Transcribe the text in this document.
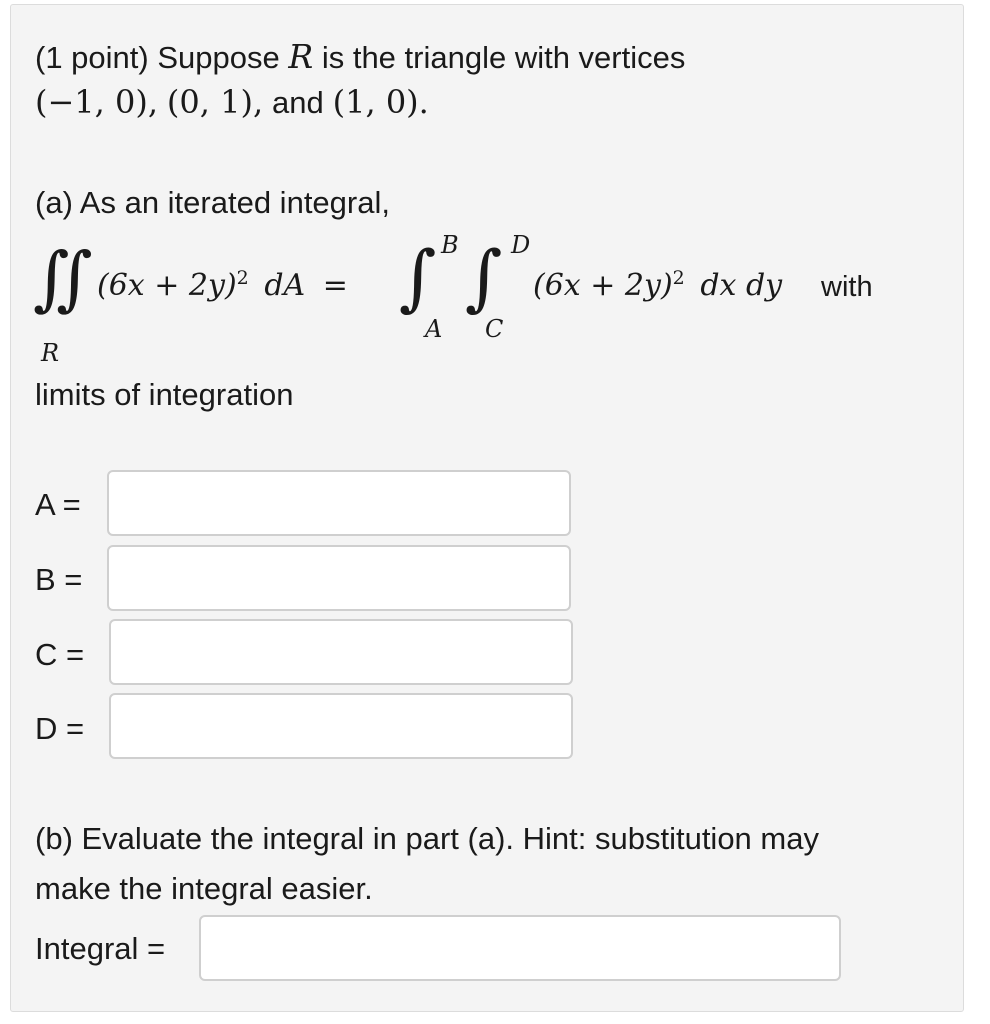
(1 point) Suppose R is the triangle with vertices
(−1, 0), (0, 1), and (1, 0).
(a) As an iterated integral,
∬
R
$(6x + 2y)^2$ dA = ∫ B
A
∫ D
C
$(6x + 2y)^2$ dx dy with
limits of integration
A =
B =
C =
D =
(b) Evaluate the integral in part (a). Hint: substitution may
make the integral easier.
Integral =
